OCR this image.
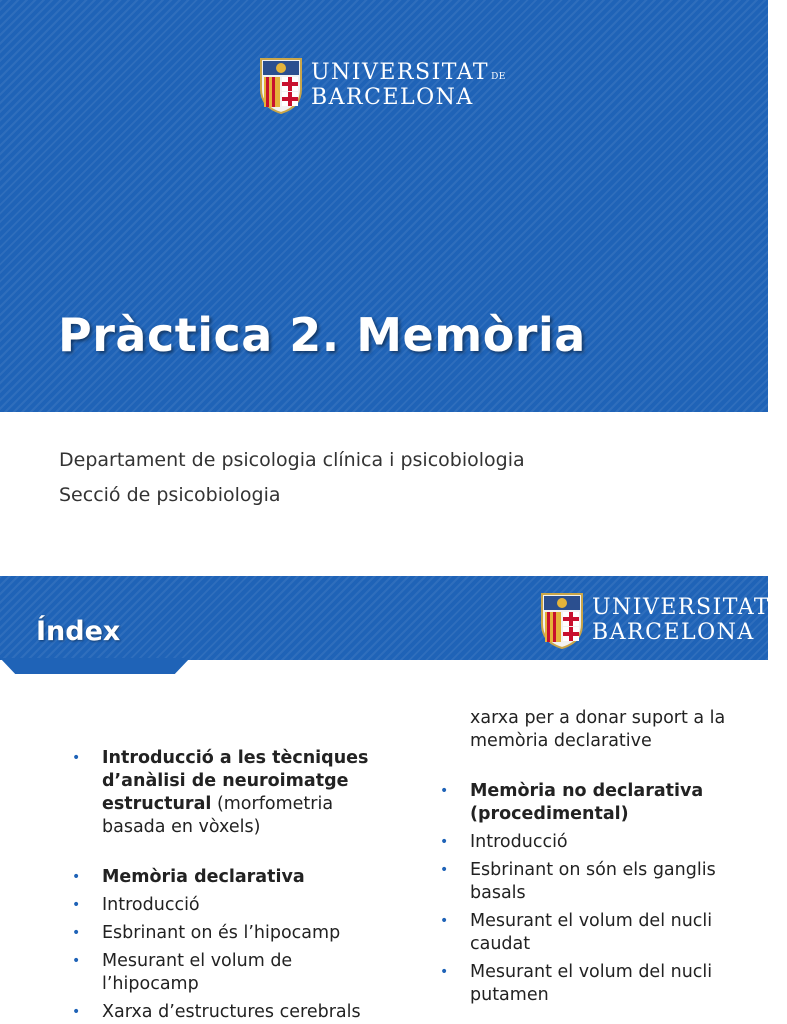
UNIVERSITAT DE
BARCELONA
Pràctica 2. Memòria

Departament de psicologia clínica i psicobiologia

Secció de psicobiologia

Índex
UNIVERSITAT DE
BARCELONA
• Introducció a les tècniques d’anàlisi de neuroimatge estructural (morfometria basada en vòxels)
• Memòria declarativa
• Introducció
• Esbrinant on és l’hipocamp
• Mesurant el volum de l’hipocamp
• Xarxa d’estructures cerebrals
xarxa per a donar suport a la memòria declarative
• Memòria no declarativa (procedimental)
• Introducció
• Esbrinant on són els ganglis basals
• Mesurant el volum del nucli caudat
• Mesurant el volum del nucli putamen
